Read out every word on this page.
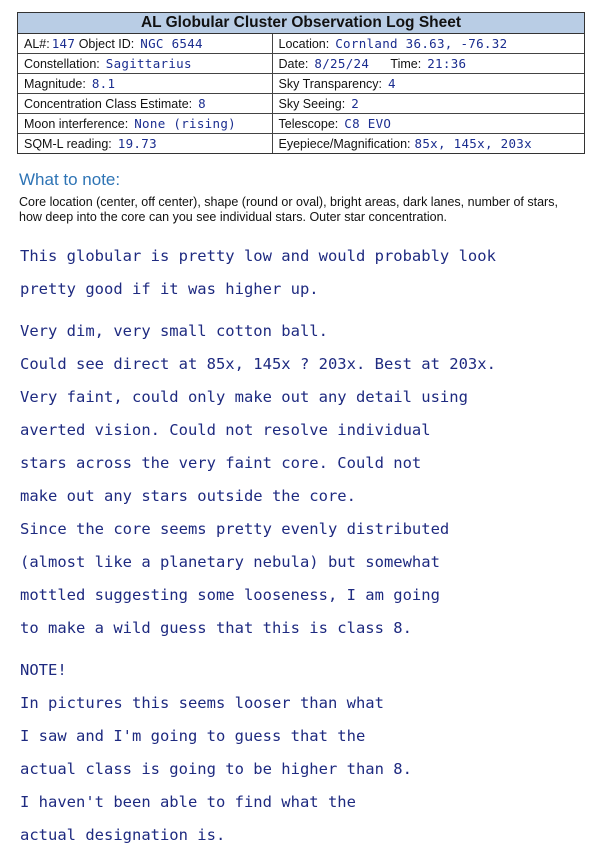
AL Globular Cluster Observation Log Sheet
AL#: 147 Object ID: NGC 6544	Location: Cornland 36.63, -76.32
Constellation: Sagittarius	Date: 8/25/24 Time: 21:36
Magnitude: 8.1	Sky Transparency: 4
Concentration Class Estimate: 8	Sky Seeing: 2
Moon interference: None (rising)	Telescope: C8 EVO
SQM-L reading: 19.73	Eyepiece/Magnification: 85x, 145x, 203x
What to note:
Core location (center, off center), shape (round or oval), bright areas, dark lanes, number of stars, how deep into the core can you see individual stars. Outer star concentration.
This globular is pretty low and would probably look
pretty good if it was higher up.
Very dim, very small cotton ball.
Could see direct at 85x, 145x ? 203x. Best at 203x.
Very faint, could only make out any detail using
averted vision. Could not resolve individual
stars across the very faint core. Could not
make out any stars outside the core.
Since the core seems pretty evenly distributed
(almost like a planetary nebula) but somewhat
mottled suggesting some looseness, I am going
to make a wild guess that this is class 8.
NOTE!
In pictures this seems looser than what
I saw and I'm going to guess that the
actual class is going to be higher than 8.
I haven't been able to find what the
actual designation is.
